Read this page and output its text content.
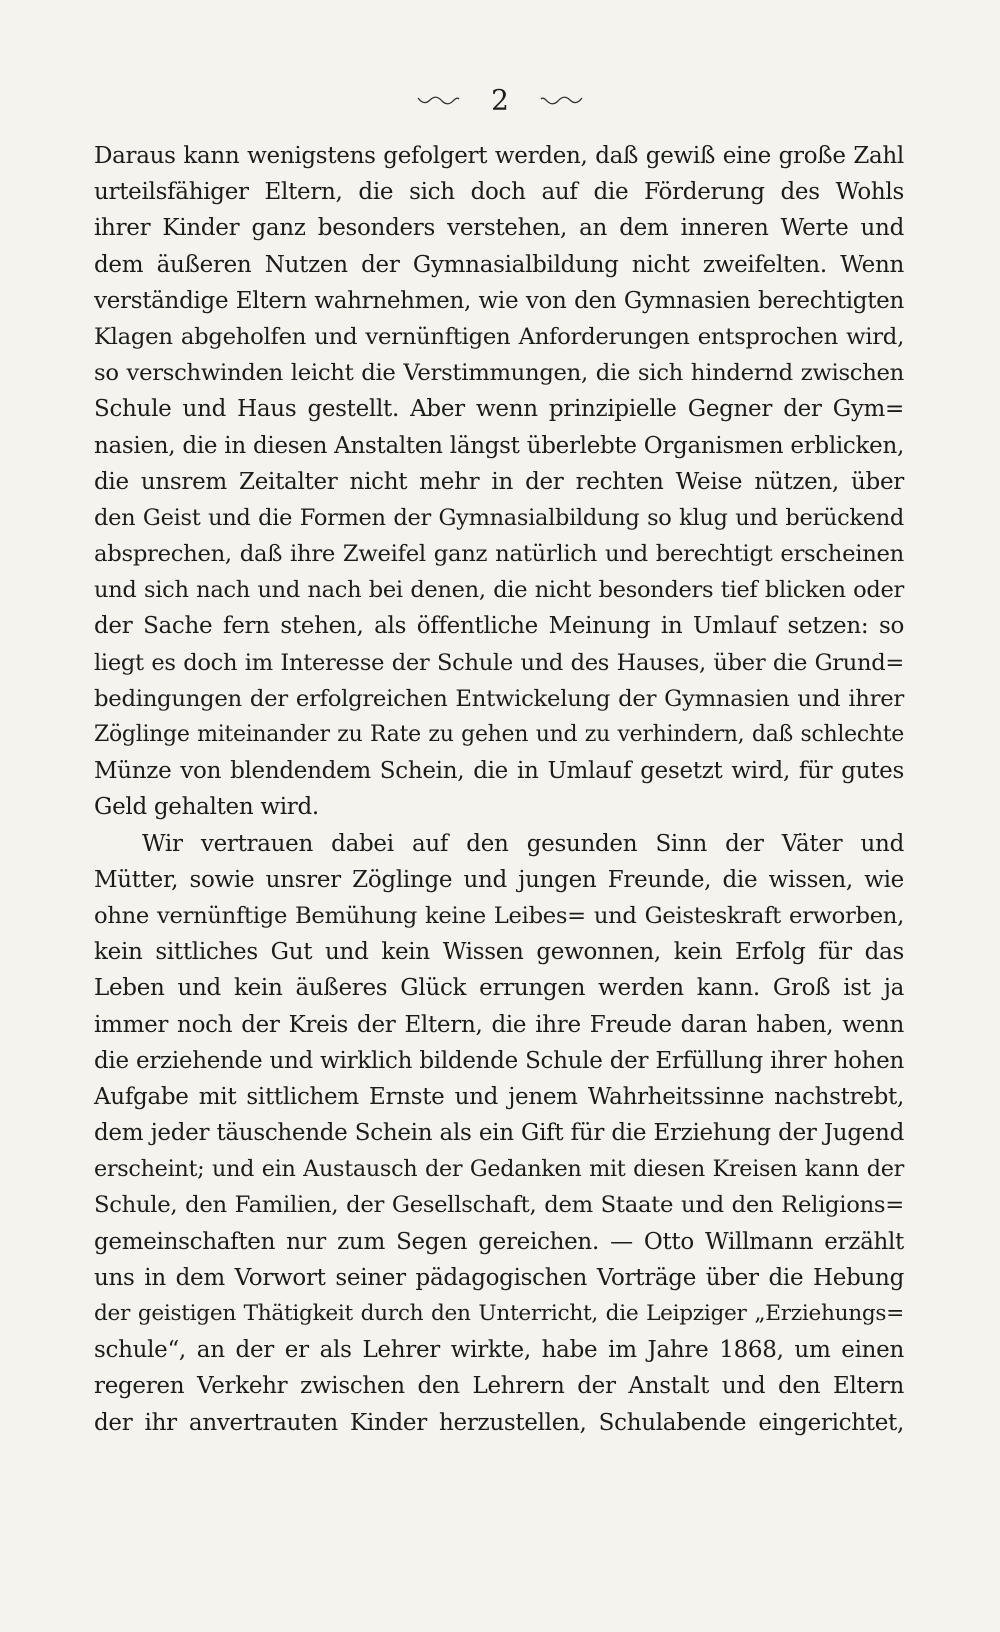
2
Daraus kann wenigstens gefolgert werden, daß gewiß eine große Zahl
urteilsfähiger Eltern, die sich doch auf die Förderung des Wohls
ihrer Kinder ganz besonders verstehen, an dem inneren Werte und
dem äußeren Nutzen der Gymnasialbildung nicht zweifelten. Wenn
verständige Eltern wahrnehmen, wie von den Gymnasien berechtigten
Klagen abgeholfen und vernünftigen Anforderungen entsprochen wird,
so verschwinden leicht die Verstimmungen, die sich hindernd zwischen
Schule und Haus gestellt. Aber wenn prinzipielle Gegner der Gym=
nasien, die in diesen Anstalten längst überlebte Organismen erblicken,
die unsrem Zeitalter nicht mehr in der rechten Weise nützen, über
den Geist und die Formen der Gymnasialbildung so klug und berückend
absprechen, daß ihre Zweifel ganz natürlich und berechtigt erscheinen
und sich nach und nach bei denen, die nicht besonders tief blicken oder
der Sache fern stehen, als öffentliche Meinung in Umlauf setzen: so
liegt es doch im Interesse der Schule und des Hauses, über die Grund=
bedingungen der erfolgreichen Entwickelung der Gymnasien und ihrer
Zöglinge miteinander zu Rate zu gehen und zu verhindern, daß schlechte
Münze von blendendem Schein, die in Umlauf gesetzt wird, für gutes
Geld gehalten wird.
Wir vertrauen dabei auf den gesunden Sinn der Väter und
Mütter, sowie unsrer Zöglinge und jungen Freunde, die wissen, wie
ohne vernünftige Bemühung keine Leibes= und Geisteskraft erworben,
kein sittliches Gut und kein Wissen gewonnen, kein Erfolg für das
Leben und kein äußeres Glück errungen werden kann. Groß ist ja
immer noch der Kreis der Eltern, die ihre Freude daran haben, wenn
die erziehende und wirklich bildende Schule der Erfüllung ihrer hohen
Aufgabe mit sittlichem Ernste und jenem Wahrheitssinne nachstrebt,
dem jeder täuschende Schein als ein Gift für die Erziehung der Jugend
erscheint; und ein Austausch der Gedanken mit diesen Kreisen kann der
Schule, den Familien, der Gesellschaft, dem Staate und den Religions=
gemeinschaften nur zum Segen gereichen. — Otto Willmann erzählt
uns in dem Vorwort seiner pädagogischen Vorträge über die Hebung
der geistigen Thätigkeit durch den Unterricht, die Leipziger „Erziehungs=
schule“, an der er als Lehrer wirkte, habe im Jahre 1868, um einen
regeren Verkehr zwischen den Lehrern der Anstalt und den Eltern
der ihr anvertrauten Kinder herzustellen, Schulabende eingerichtet,
